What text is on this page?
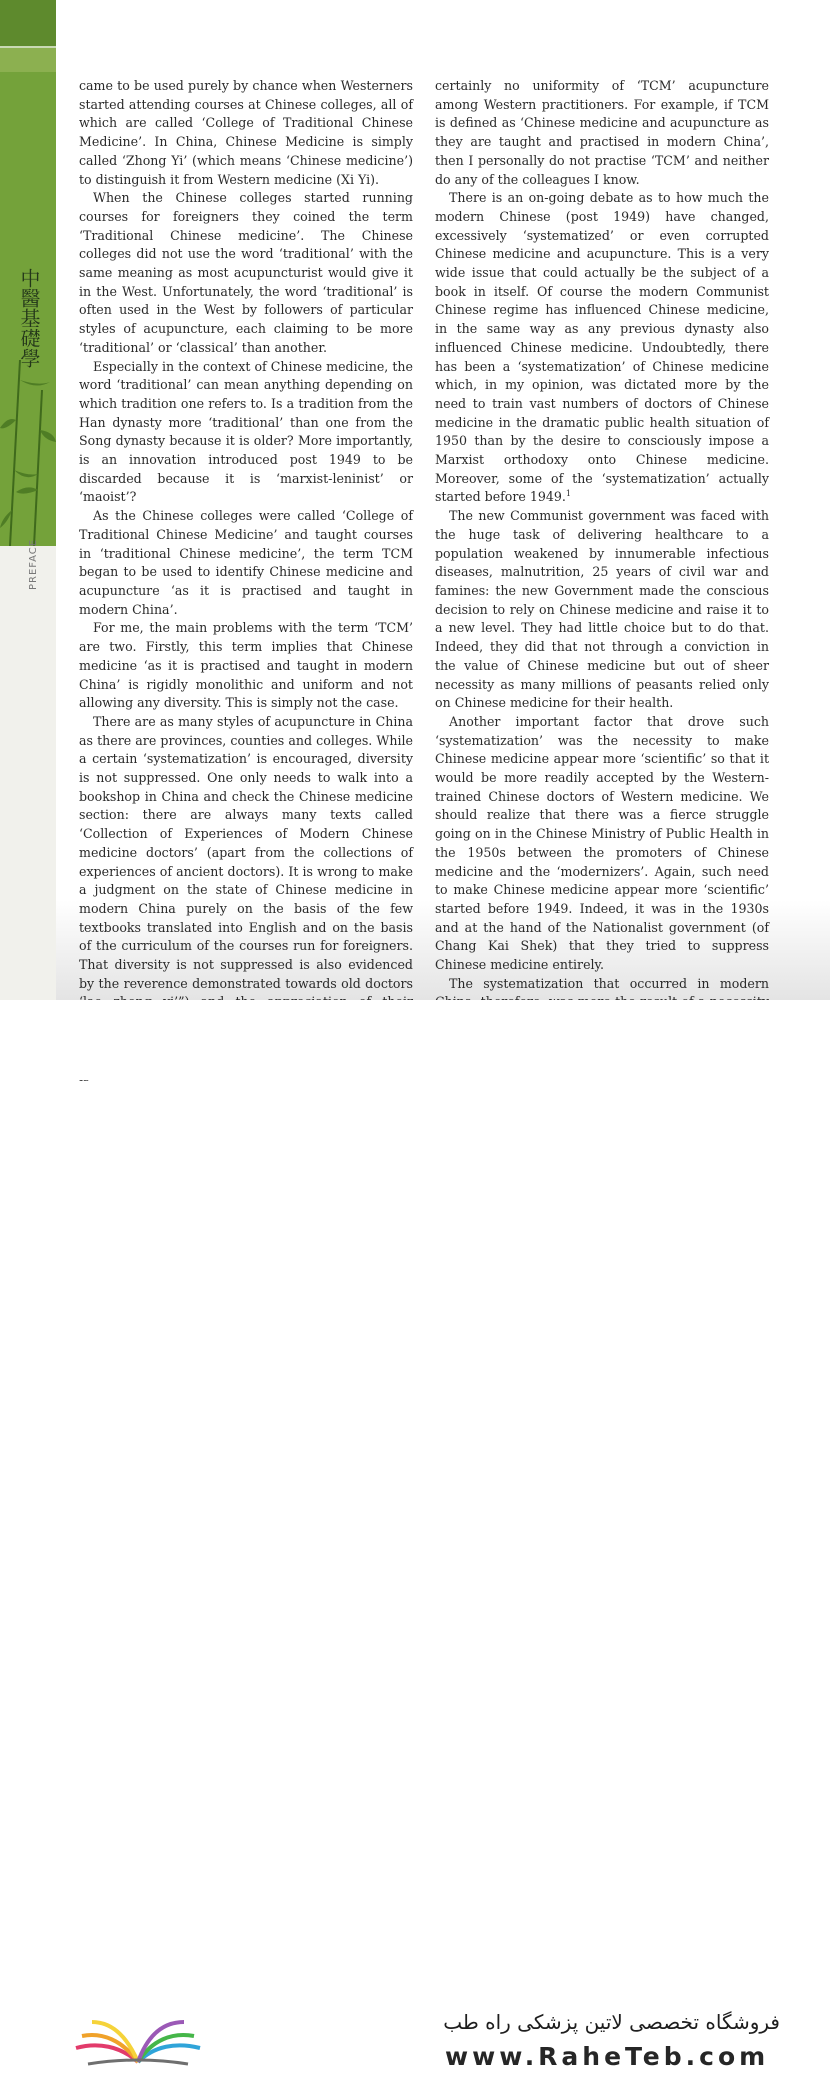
中醫基礎學
PREFACE

came to be used purely by chance when Westerners started attending courses at Chinese colleges, all of which are called ‘College of Traditional Chinese Medicine’. In China, Chinese Medicine is simply called ‘Zhong Yi’ (which means ‘Chinese medicine’) to distinguish it from Western medicine (Xi Yi).

When the Chinese colleges started running courses for foreigners they coined the term ‘Traditional Chinese medicine’. The Chinese colleges did not use the word ‘traditional’ with the same meaning as most acupuncturist would give it in the West. Unfortunately, the word ‘traditional’ is often used in the West by followers of particular styles of acupuncture, each claiming to be more ‘traditional’ or ‘classical’ than another.

Especially in the context of Chinese medicine, the word ‘traditional’ can mean anything depending on which tradition one refers to. Is a tradition from the Han dynasty more ‘traditional’ than one from the Song dynasty because it is older? More importantly, is an innovation introduced post 1949 to be discarded because it is ‘marxist-leninist’ or ‘maoist’?

As the Chinese colleges were called ‘College of Traditional Chinese Medicine’ and taught courses in ‘traditional Chinese medicine’, the term TCM began to be used to identify Chinese medicine and acupuncture ‘as it is practised and taught in modern China’.

For me, the main problems with the term ‘TCM’ are two. Firstly, this term implies that Chinese medicine ‘as it is practised and taught in modern China’ is rigidly monolithic and uniform and not allowing any diversity. This is simply not the case.

There are as many styles of acupuncture in China as there are provinces, counties and colleges. While a certain ‘systematization’ is encouraged, diversity is not suppressed. One only needs to walk into a bookshop in China and check the Chinese medicine section: there are always many texts called ‘Collection of Experiences of Modern Chinese medicine doctors’ (apart from the collections of experiences of ancient doctors). It is wrong to make a judgment on the state of Chinese medicine in modern China purely on the basis of the few textbooks translated into English and on the basis of the curriculum of the courses run for foreigners. That diversity is not suppressed is also evidenced by the reverence demonstrated towards old doctors

certainly no uniformity of ‘TCM’ acupuncture among Western practitioners. For example, if TCM is defined as ‘Chinese medicine and acupuncture as they are taught and practised in modern China’, then I personally do not practise ‘TCM’ and neither do any of the colleagues I know.

There is an on-going debate as to how much the modern Chinese (post 1949) have changed, excessively ‘systematized’ or even corrupted Chinese medicine and acupuncture. This is a very wide issue that could actually be the subject of a book in itself. Of course the modern Communist Chinese regime has influenced Chinese medicine, in the same way as any previous dynasty also influenced Chinese medicine. Undoubtedly, there has been a ‘systematization’ of Chinese medicine which, in my opinion, was dictated more by the need to train vast numbers of doctors of Chinese medicine in the dramatic public health situation of 1950 than by the desire to consciously impose a Marxist orthodoxy onto Chinese medicine. Moreover, some of the ‘systematization’ actually started before 1949.$^1$

The new Communist government was faced with the huge task of delivering healthcare to a population weakened by innumerable infectious diseases, malnutrition, 25 years of civil war and famines: the new Government made the conscious decision to rely on Chinese medicine and raise it to a new level. They had little choice but to do that. Indeed, they did that not through a conviction in the value of Chinese medicine but out of sheer necessity as many millions of peasants relied only on Chinese medicine for their health.

Another important factor that drove such ‘systematization’ was the necessity to make Chinese medicine appear more ‘scientific’ so that it would be more readily accepted by the Western-trained Chinese doctors of Western medicine. We should realize that there was a fierce struggle going on in the Chinese Ministry of Public Health in the 1950s between the promoters of Chinese medicine and the ‘modernizers’. Again, such need to make Chinese medicine appear more ‘scientific’ started before 1949. Indeed, it was in the 1930s and at the hand of the Nationalist government (of Chang Kai Shek) that they tried to suppress Chinese medicine entirely.

The systematization that occurred in modern

فروشگاه تخصصی لاتین پزشکی راه طب
www.RaheTeb.com
